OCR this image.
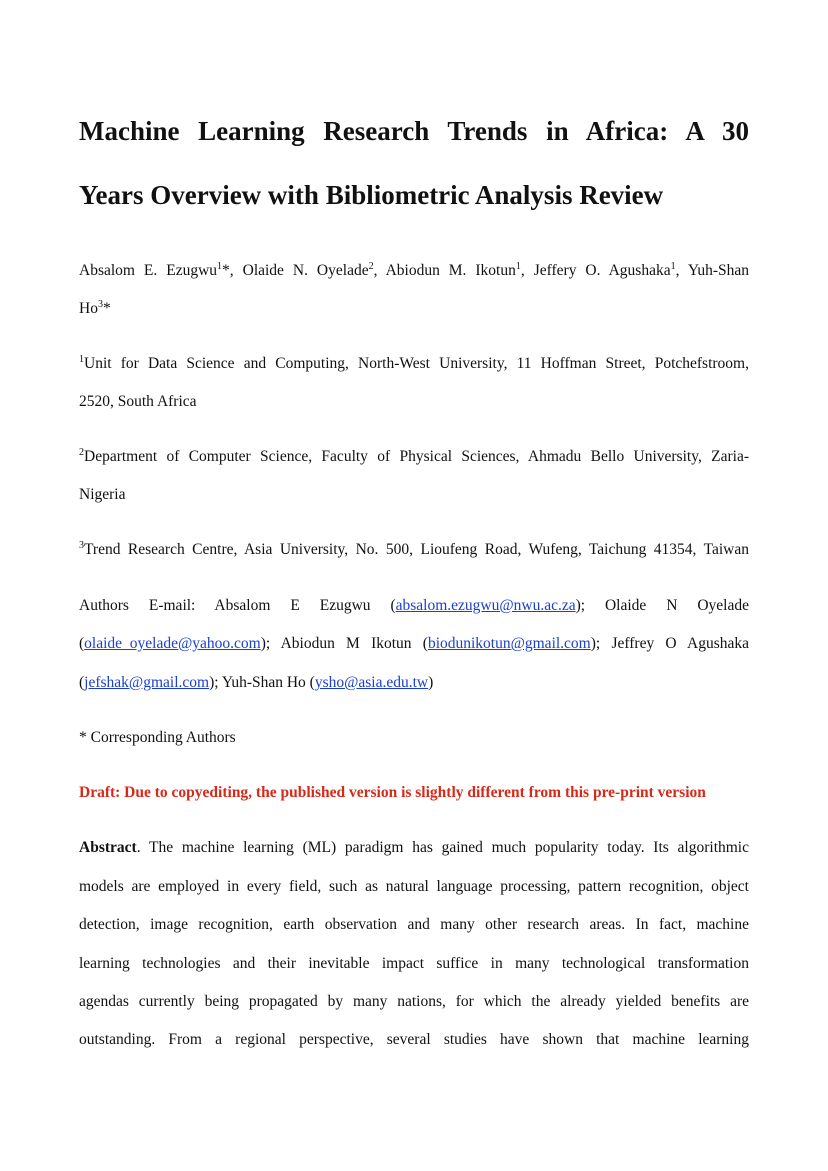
Machine Learning Research Trends in Africa: A 30
Years Overview with Bibliometric Analysis Review
Absalom E. Ezugwu$^1$*, Olaide N. Oyelade$^2$, Abiodun M. Ikotun$^1$, Jeffery O. Agushaka$^1$, Yuh-Shan
Ho$^3$*
$^1$Unit for Data Science and Computing, North-West University, 11 Hoffman Street, Potchefstroom,
2520, South Africa
$^2$Department of Computer Science, Faculty of Physical Sciences, Ahmadu Bello University, Zaria-
Nigeria
$^3$Trend Research Centre, Asia University, No. 500, Lioufeng Road, Wufeng, Taichung 41354, Taiwan
Authors E-mail: Absalom E Ezugwu (absalom.ezugwu@nwu.ac.za); Olaide N Oyelade
(olaide_oyelade@yahoo.com); Abiodun M Ikotun (biodunikotun@gmail.com); Jeffrey O Agushaka
(jefshak@gmail.com); Yuh-Shan Ho (ysho@asia.edu.tw)
* Corresponding Authors
Draft: Due to copyediting, the published version is slightly different from this pre-print version
Abstract. The machine learning (ML) paradigm has gained much popularity today. Its algorithmic
models are employed in every field, such as natural language processing, pattern recognition, object
detection, image recognition, earth observation and many other research areas. In fact, machine
learning technologies and their inevitable impact suffice in many technological transformation
agendas currently being propagated by many nations, for which the already yielded benefits are
outstanding. From a regional perspective, several studies have shown that machine learning
